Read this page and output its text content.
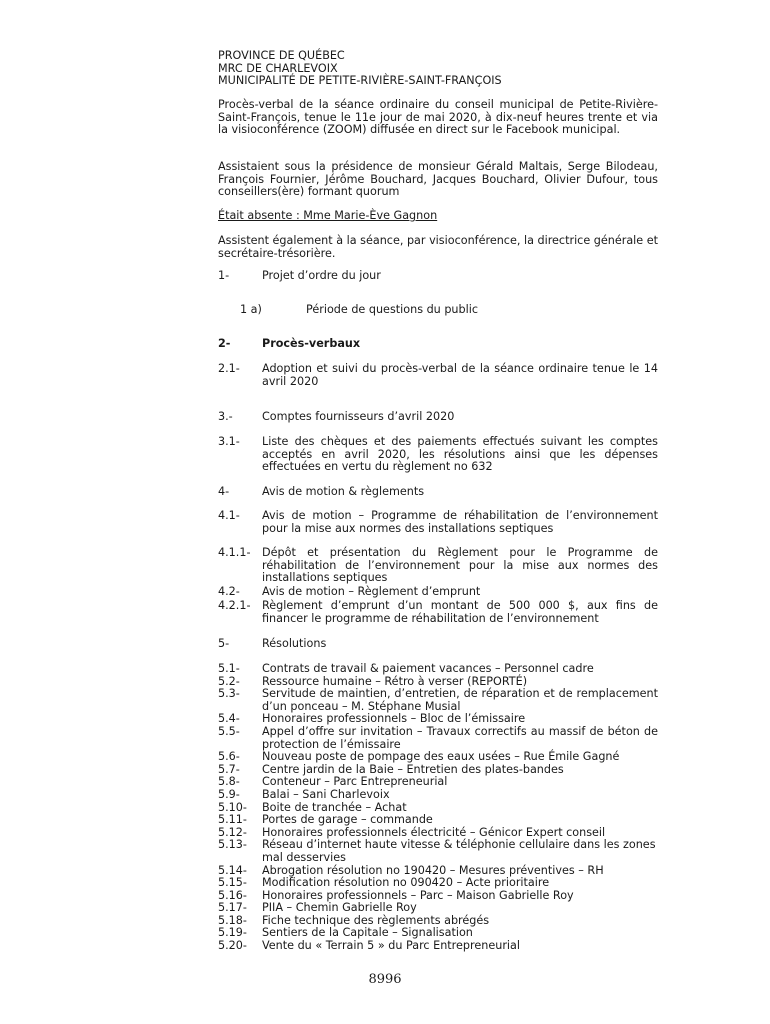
PROVINCE DE QUÉBEC
MRC DE CHARLEVOIX
MUNICIPALITÉ DE PETITE-RIVIÈRE-SAINT-FRANÇOIS

Procès-verbal de la séance ordinaire du conseil municipal de Petite-Rivière-Saint-François, tenue le 11e jour de mai 2020, à dix-neuf heures trente et via la visioconférence (ZOOM) diffusée en direct sur le Facebook municipal.

Assistaient sous la présidence de monsieur Gérald Maltais, Serge Bilodeau, François Fournier, Jérôme Bouchard, Jacques Bouchard, Olivier Dufour, tous conseillers(ère) formant quorum

Était absente : Mme Marie-Ève Gagnon

Assistent également à la séance, par visioconférence, la directrice générale et secrétaire-trésorière.

1-	Projet d’ordre du jour
1 a)	Période de questions du public
2-	Procès-verbaux
2.1-	Adoption et suivi du procès-verbal de la séance ordinaire tenue le 14 avril 2020
3.-	Comptes fournisseurs d’avril 2020
3.1-	Liste des chèques et des paiements effectués suivant les comptes acceptés en avril 2020, les résolutions ainsi que les dépenses effectuées en vertu du règlement no 632
4-	Avis de motion & règlements
4.1-	Avis de motion – Programme de réhabilitation de l’environnement pour la mise aux normes des installations septiques
4.1.1-	Dépôt et présentation du Règlement pour le Programme de réhabilitation de l’environnement pour la mise aux normes des installations septiques
4.2-	Avis de motion – Règlement d’emprunt
4.2.1-	Règlement d’emprunt d’un montant de 500 000 $, aux fins de financer le programme de réhabilitation de l’environnement
5-	Résolutions
5.1- Contrats de travail & paiement vacances – Personnel cadre
5.2- Ressource humaine – Rétro à verser (REPORTÉ)
5.3-	Servitude de maintien, d’entretien, de réparation et de remplacement d’un ponceau – M. Stéphane Musial
5.4- Honoraires professionnels – Bloc de l’émissaire
5.5-	Appel d’offre sur invitation – Travaux correctifs au massif de béton de protection de l’émissaire
5.6- Nouveau poste de pompage des eaux usées – Rue Émile Gagné
5.7- Centre jardin de la Baie – Entretien des plates-bandes
5.8- Conteneur – Parc Entrepreneurial
5.9- Balai – Sani Charlevoix
5.10- Boite de tranchée – Achat
5.11- Portes de garage – commande
5.12- Honoraires professionnels électricité – Génicor Expert conseil
5.13-	Réseau d’internet haute vitesse & téléphonie cellulaire dans les zones mal desservies
5.14- Abrogation résolution no 190420 – Mesures préventives – RH
5.15- Modification résolution no 090420 – Acte prioritaire
5.16- Honoraires professionnels – Parc – Maison Gabrielle Roy
5.17- PIIA – Chemin Gabrielle Roy
5.18- Fiche technique des règlements abrégés
5.19- Sentiers de la Capitale – Signalisation
5.20- Vente du « Terrain 5 » du Parc Entrepreneurial
8996
